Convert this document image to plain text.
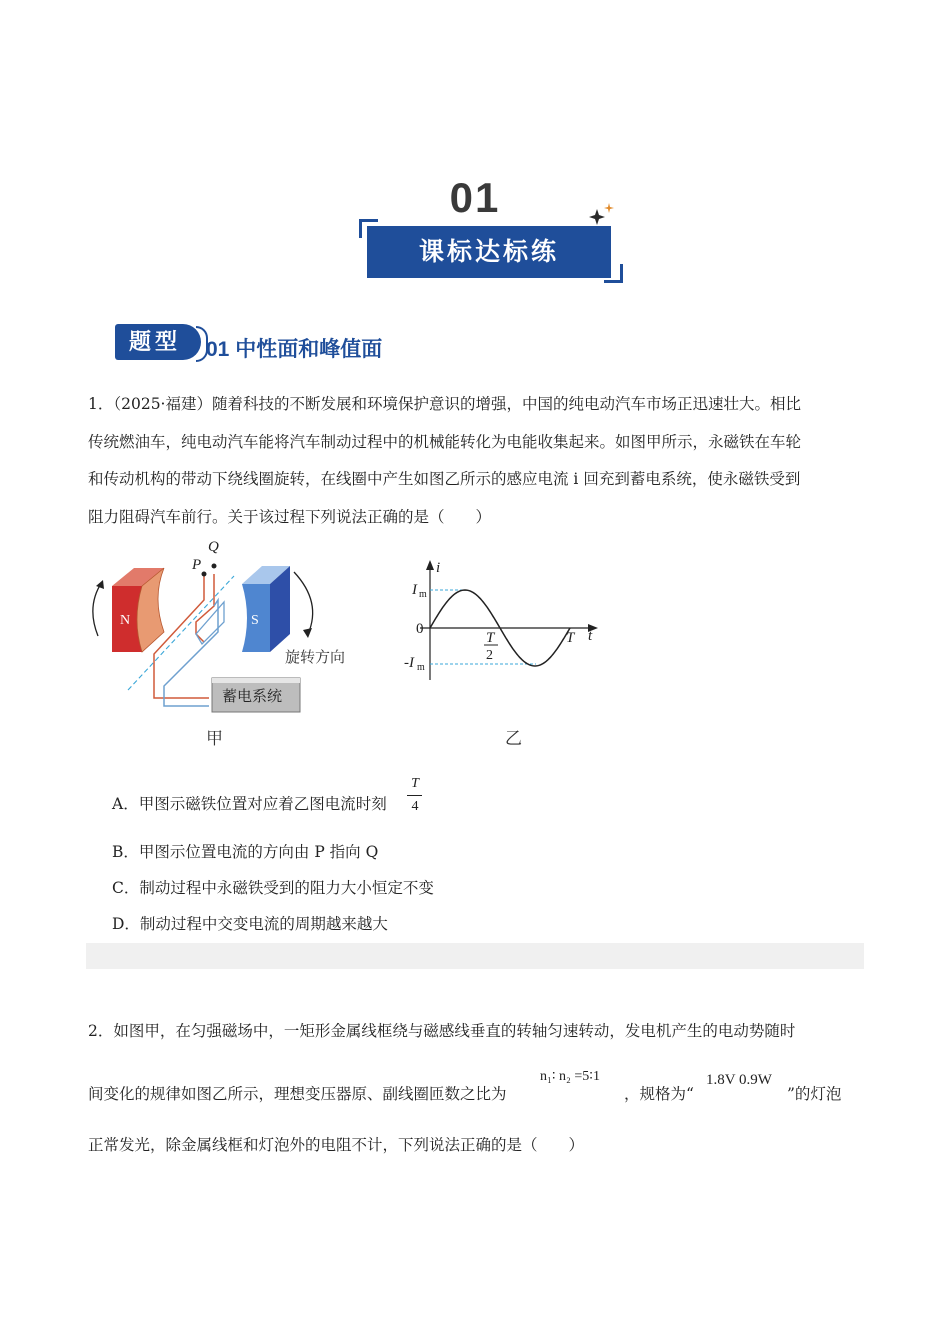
01
课标达标练
题型	01 中性面和峰值面
1．（2025·福建）随着科技的不断发展和环境保护意识的增强，中国的纯电动汽车市场正迅速壮大。相比
传统燃油车，纯电动汽车能将汽车制动过程中的机械能转化为电能收集起来。如图甲所示，永磁铁在车轮
和传动机构的带动下绕线圈旋转，在线圈中产生如图乙所示的感应电流 i 回充到蓄电系统，使永磁铁受到
阻力阻碍汽车前行。关于该过程下列说法正确的是（　　）
N
P
Q
S
旋转方向
蓄电系统
甲
i
t
I m
-I m
0
T
2
T
乙
A．甲图示磁铁位置对应着乙图电流时刻
T
4
B．甲图示位置电流的方向由 P 指向 Q
C．制动过程中永磁铁受到的阻力大小恒定不变
D．制动过程中交变电流的周期越来越大
2．如图甲，在匀强磁场中，一矩形金属线框绕与磁感线垂直的转轴匀速转动，发电机产生的电动势随时
间变化的规律如图乙所示，理想变压器原、副线圈匝数之比为
n₁∶ n₂ =5∶1
，规格为“
1.8V 0.9W
”的灯泡
正常发光，除金属线框和灯泡外的电阻不计，下列说法正确的是（　　）
